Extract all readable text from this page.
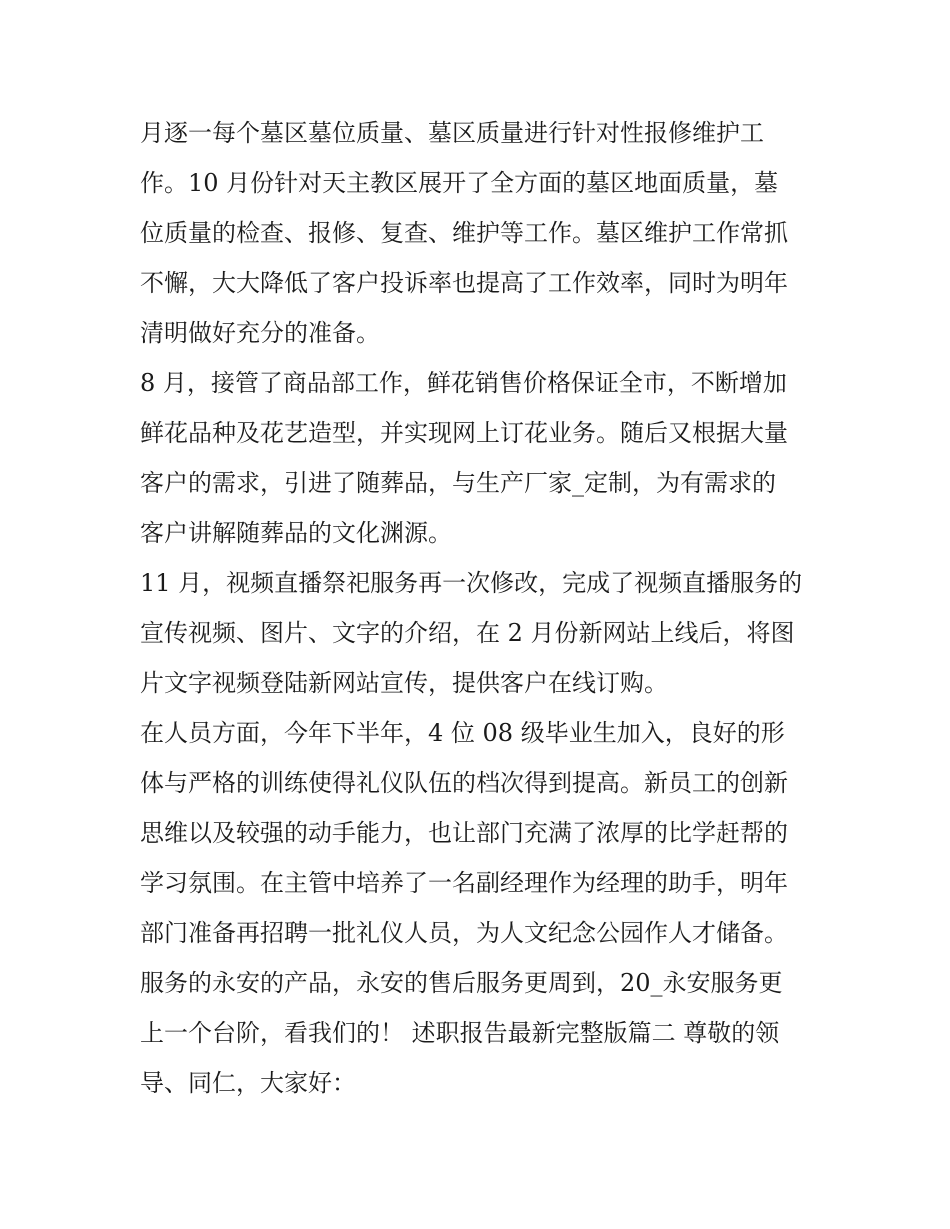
月逐一每个墓区墓位质量、墓区质量进行针对性报修维护工
作。10 月份针对天主教区展开了全方面的墓区地面质量，墓
位质量的检查、报修、复查、维护等工作。墓区维护工作常抓
不懈，大大降低了客户投诉率也提高了工作效率，同时为明年
清明做好充分的准备。
8 月，接管了商品部工作，鲜花销售价格保证全市，不断增加
鲜花品种及花艺造型，并实现网上订花业务。随后又根据大量
客户的需求，引进了随葬品，与生产厂家_定制，为有需求的
客户讲解随葬品的文化渊源。
11 月，视频直播祭祀服务再一次修改，完成了视频直播服务的
宣传视频、图片、文字的介绍，在 2 月份新网站上线后，将图
片文字视频登陆新网站宣传，提供客户在线订购。
在人员方面，今年下半年，4 位 08 级毕业生加入，良好的形
体与严格的训练使得礼仪队伍的档次得到提高。新员工的创新
思维以及较强的动手能力，也让部门充满了浓厚的比学赶帮的
学习氛围。在主管中培养了一名副经理作为经理的助手，明年
部门准备再招聘一批礼仪人员，为人文纪念公园作人才储备。
服务的永安的产品，永安的售后服务更周到，20_永安服务更
上一个台阶，看我们的！ 述职报告最新完整版篇二 尊敬的领
导、同仁，大家好：
